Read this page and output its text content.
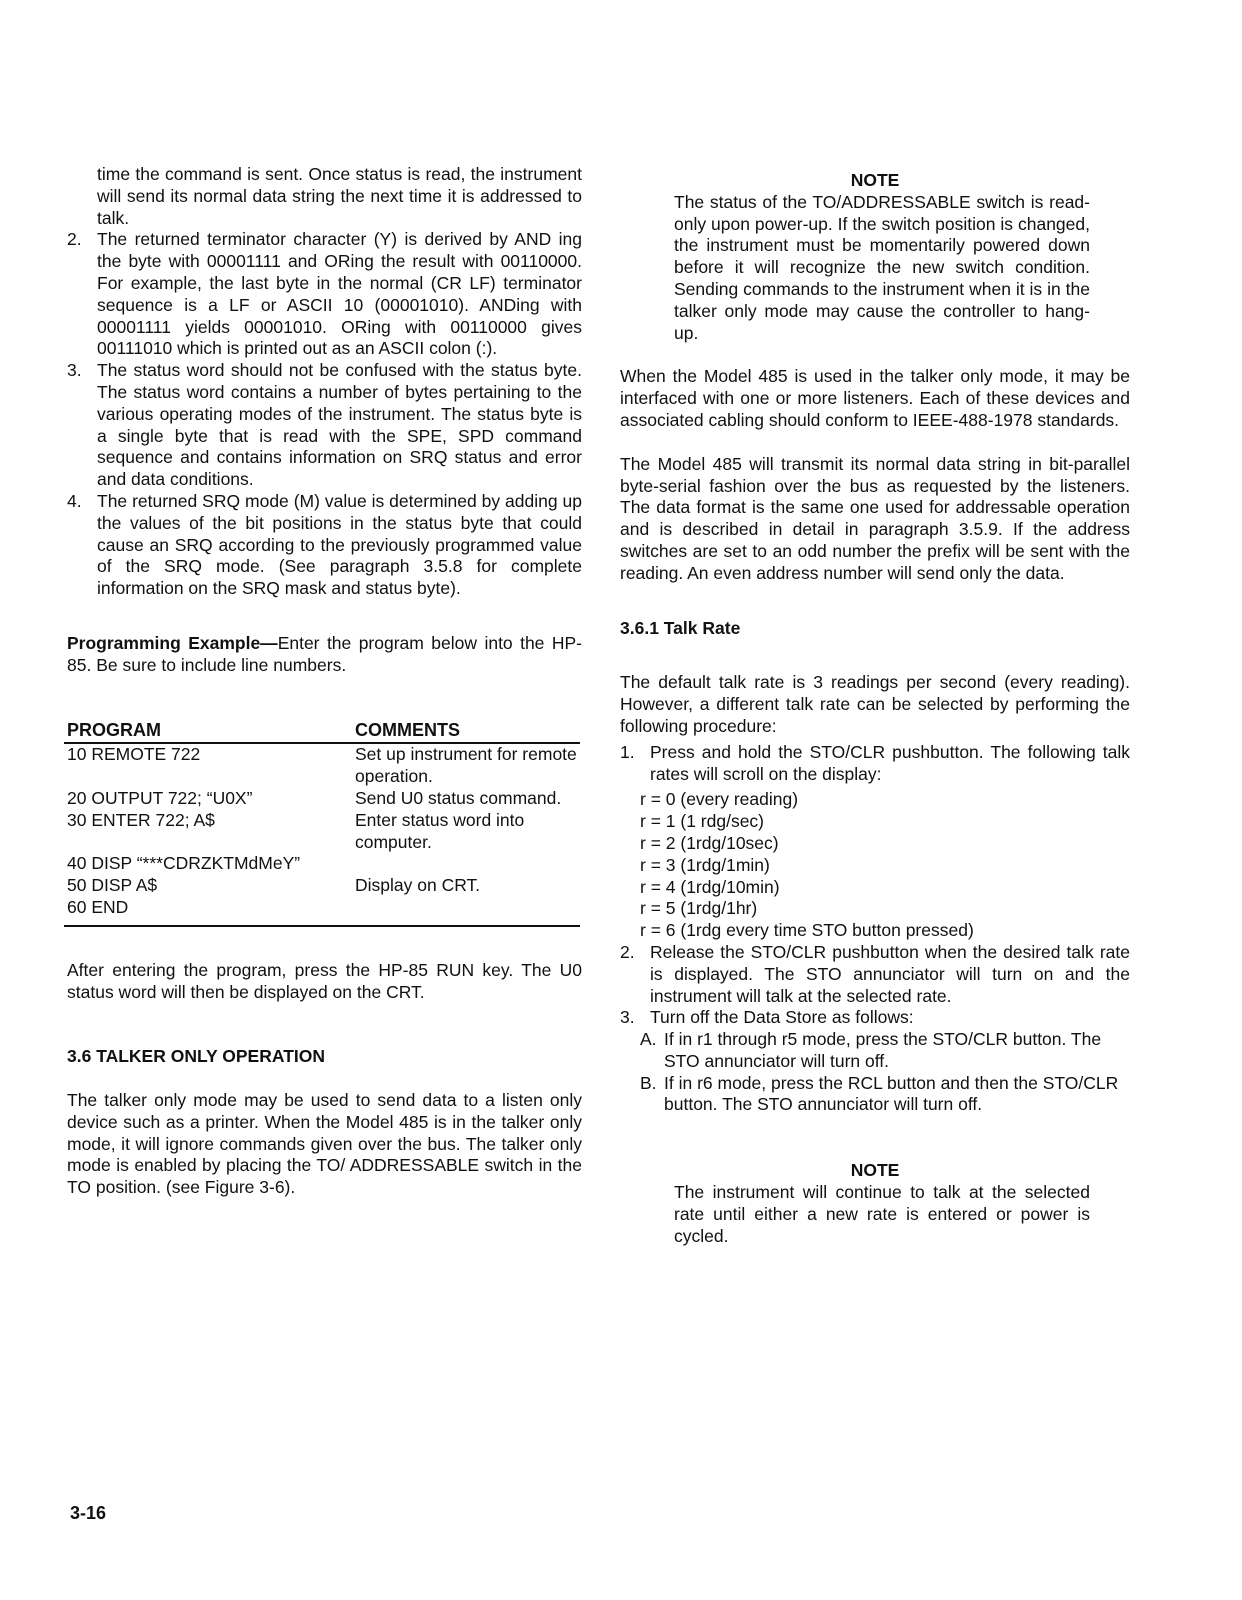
time the command is sent. Once status is read, the instrument will send its normal data string the next time it is addressed to talk.

2. The returned terminator character (Y) is derived by AND ing the byte with 00001111 and ORing the result with 00110000. For example, the last byte in the normal (CR LF) terminator sequence is a LF or ASCII 10 (00001010). ANDing with 00001111 yields 00001010. ORing with 00110000 gives 00111010 which is printed out as an ASCII colon (:).
3. The status word should not be confused with the status byte. The status word contains a number of bytes pertaining to the various operating modes of the instrument. The status byte is a single byte that is read with the SPE, SPD command sequence and contains information on SRQ status and error and data conditions.
4. The returned SRQ mode (M) value is determined by adding up the values of the bit positions in the status byte that could cause an SRQ according to the previously programmed value of the SRQ mode. (See paragraph 3.5.8 for complete information on the SRQ mask and status byte).

Programming Example—Enter the program below into the HP-85. Be sure to include line numbers.

PROGRAM	COMMENTS
10 REMOTE 722	Set up instrument for remote operation.
20 OUTPUT 722; “U0X”	Send U0 status command.
30 ENTER 722; A$	Enter status word into computer.
40 DISP “***CDRZKTMdMeY”	
50 DISP A$	Display on CRT.
60 END	

After entering the program, press the HP-85 RUN key. The U0 status word will then be displayed on the CRT.

3.6 TALKER ONLY OPERATION

The talker only mode may be used to send data to a listen only device such as a printer. When the Model 485 is in the talker only mode, it will ignore commands given over the bus. The talker only mode is enabled by placing the TO/ ADDRESSABLE switch in the TO position. (see Figure 3-6).

NOTE

The status of the TO/ADDRESSABLE switch is read-only upon power-up. If the switch position is changed, the instrument must be momentarily powered down before it will recognize the new switch condition. Sending commands to the instrument when it is in the talker only mode may cause the controller to hang-up.

When the Model 485 is used in the talker only mode, it may be interfaced with one or more listeners. Each of these devices and associated cabling should conform to IEEE-488-1978 standards.

The Model 485 will transmit its normal data string in bit-parallel byte-serial fashion over the bus as requested by the listeners. The data format is the same one used for addressable operation and is described in detail in paragraph 3.5.9. If the address switches are set to an odd number the prefix will be sent with the reading. An even address number will send only the data.

3.6.1 Talk Rate

The default talk rate is 3 readings per second (every reading). However, a different talk rate can be selected by performing the following procedure:

1. Press and hold the STO/CLR pushbutton. The following talk rates will scroll on the display:
r = 0 (every reading)
r = 1 (1 rdg/sec)
r = 2 (1rdg/10sec)
r = 3 (1rdg/1min)
r = 4 (1rdg/10min)
r = 5 (1rdg/1hr)
r = 6 (1rdg every time STO button pressed)
2. Release the STO/CLR pushbutton when the desired talk rate is displayed. The STO annunciator will turn on and the instrument will talk at the selected rate.
3. Turn off the Data Store as follows:
A. If in r1 through r5 mode, press the STO/CLR button. The STO annunciator will turn off.
B. If in r6 mode, press the RCL button and then the STO/CLR button. The STO annunciator will turn off.
NOTE

The instrument will continue to talk at the selected rate until either a new rate is entered or power is cycled.

3-16
